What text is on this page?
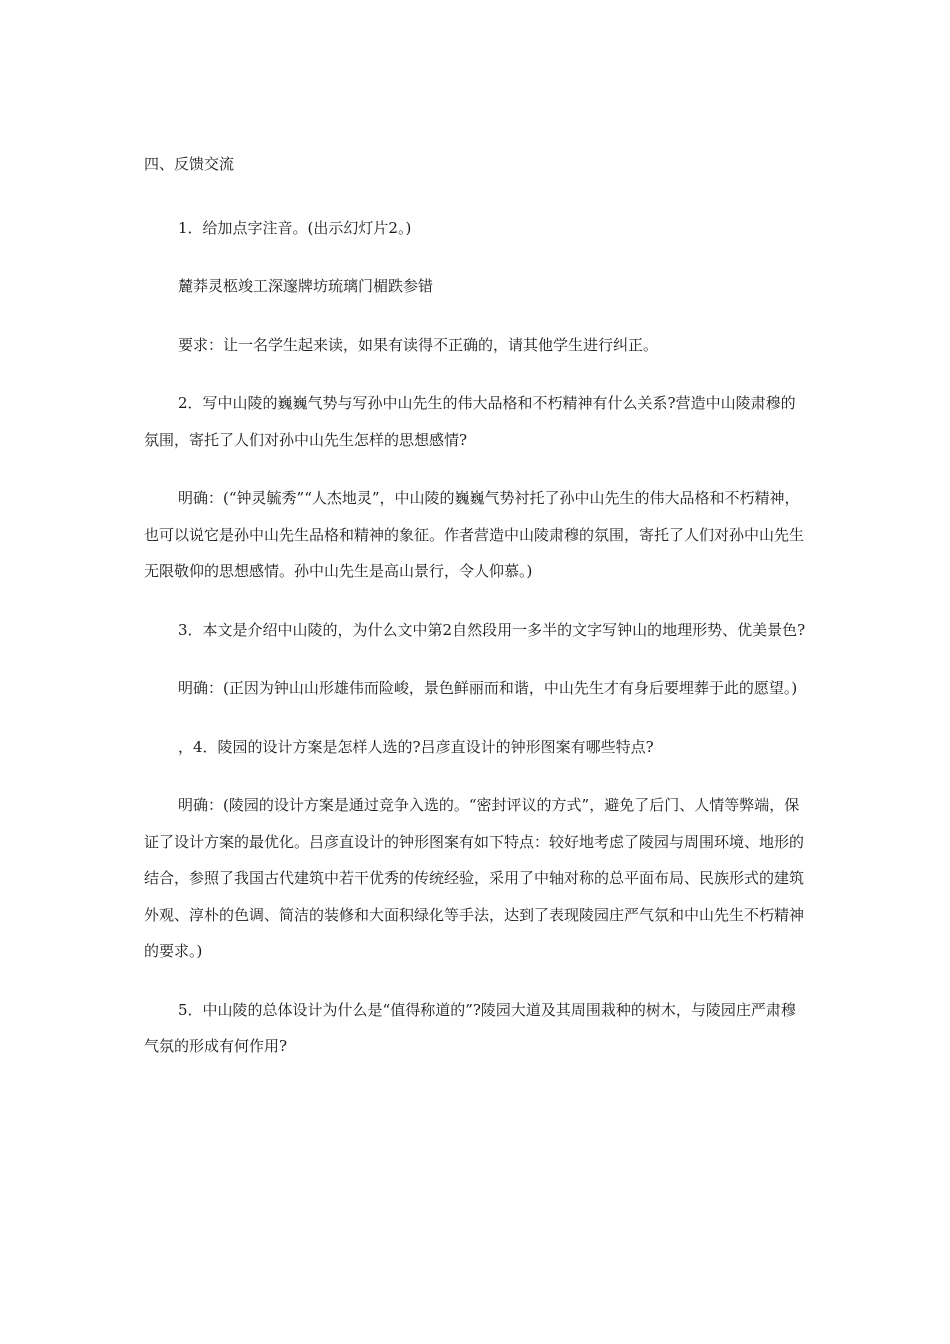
四、反馈交流

1．给加点字注音。(出示幻灯片2。)

麓莽灵柩竣工深邃牌坊琉璃门楣跌参错

要求：让一名学生起来读，如果有读得不正确的，请其他学生进行纠正。

2．写中山陵的巍巍气势与写孙中山先生的伟大品格和不朽精神有什么关系?营造中山陵肃穆的氛围，寄托了人们对孙中山先生怎样的思想感情?

明确：(“钟灵毓秀”“人杰地灵”，中山陵的巍巍气势衬托了孙中山先生的伟大品格和不朽精神，也可以说它是孙中山先生品格和精神的象征。作者营造中山陵肃穆的氛围，寄托了人们对孙中山先生无限敬仰的思想感情。孙中山先生是高山景行，令人仰慕。)

3．本文是介绍中山陵的，为什么文中第2自然段用一多半的文字写钟山的地理形势、优美景色?

明确：(正因为钟山山形雄伟而险峻，景色鲜丽而和谐，中山先生才有身后要埋葬于此的愿望。)

，4．陵园的设计方案是怎样人选的?吕彦直设计的钟形图案有哪些特点?

明确：(陵园的设计方案是通过竞争入选的。“密封评议的方式”，避免了后门、人情等弊端，保证了设计方案的最优化。吕彦直设计的钟形图案有如下特点：较好地考虑了陵园与周围环境、地形的结合，参照了我国古代建筑中若干优秀的传统经验，采用了中轴对称的总平面布局、民族形式的建筑外观、淳朴的色调、简洁的装修和大面积绿化等手法，达到了表现陵园庄严气氛和中山先生不朽精神的要求。)

5．中山陵的总体设计为什么是“值得称道的”?陵园大道及其周围栽种的树木，与陵园庄严肃穆气氛的形成有何作用?
